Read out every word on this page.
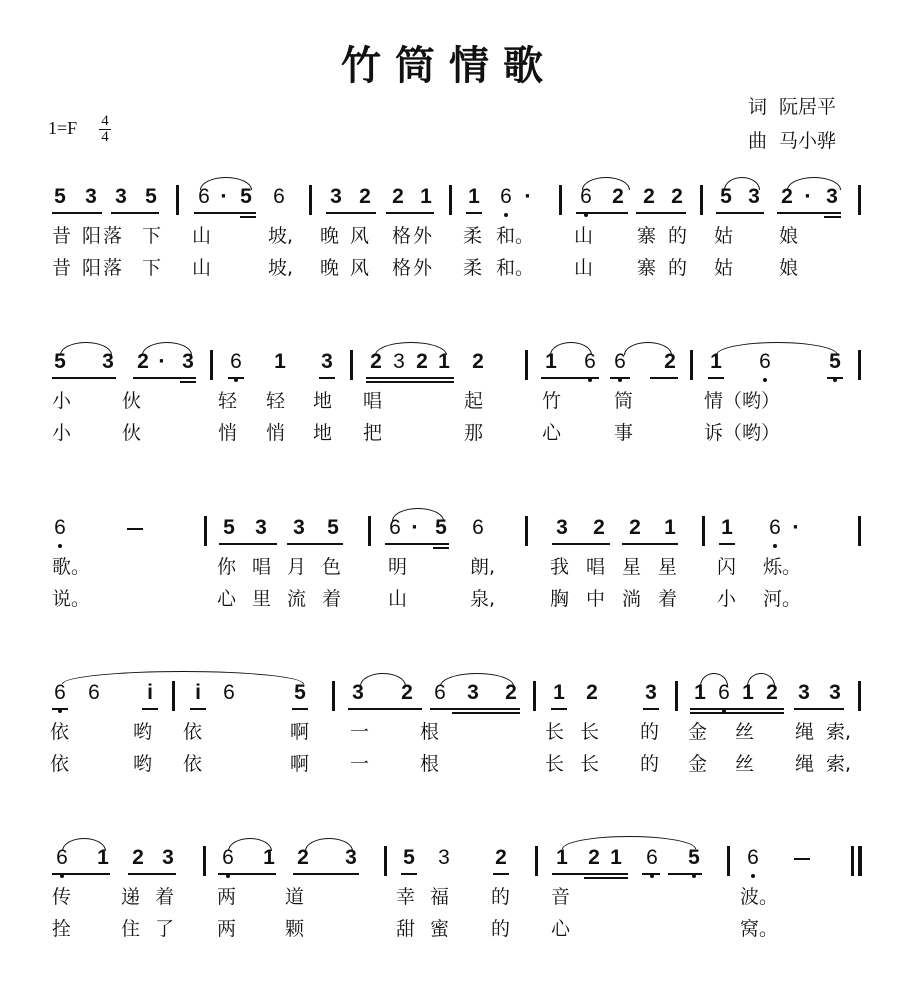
竹筒情歌
1=F 4
4
词 阮居平
曲 马小骅
5 3 3 5 6 · 5 6 3 2 2 1 1 6 · 6 2 2 2 5 3 2 · 3
昔 阳 落 下 山	坡, 晚 风 格 外 柔 和。 山 寨 的 姑 娘
昔 阳 落 下 山	坡, 晚 风 格 外 柔 和。 山 寨 的 姑 娘
5 3 2 · 3 6 1 3 2 3 2 1 2	1 6 6 2 1 6	5
小	伙	轻 轻 地 唱	起	竹	筒	情（哟）
小	伙	悄 悄 地 把	那	心	事	诉（哟）
6	5 3 3 5 6 · 5 6	3 2 2 1 1 6 ·
歌。	你 唱 月 色 明	朗,	我 唱 星 星 闪 烁。
说。	心 里 流 着 山	泉,	胸 中 淌 着 小 河。
6 6 i i 6	5 3 2 6 3 2 1 2 3 1 6 1 2 3 3
依	哟 依	啊 一	根	长 长 的 金 丝 绳 索,
依	哟 依	啊 一	根	长 长 的 金 丝 绳 索,
6 1 2 3 6 1 2 3 5 3 2 1 2 1 6 5 6
传	递 着 两	道	幸 福 的 音	波。
拴	住 了 两	颗	甜 蜜 的 心	窝。
